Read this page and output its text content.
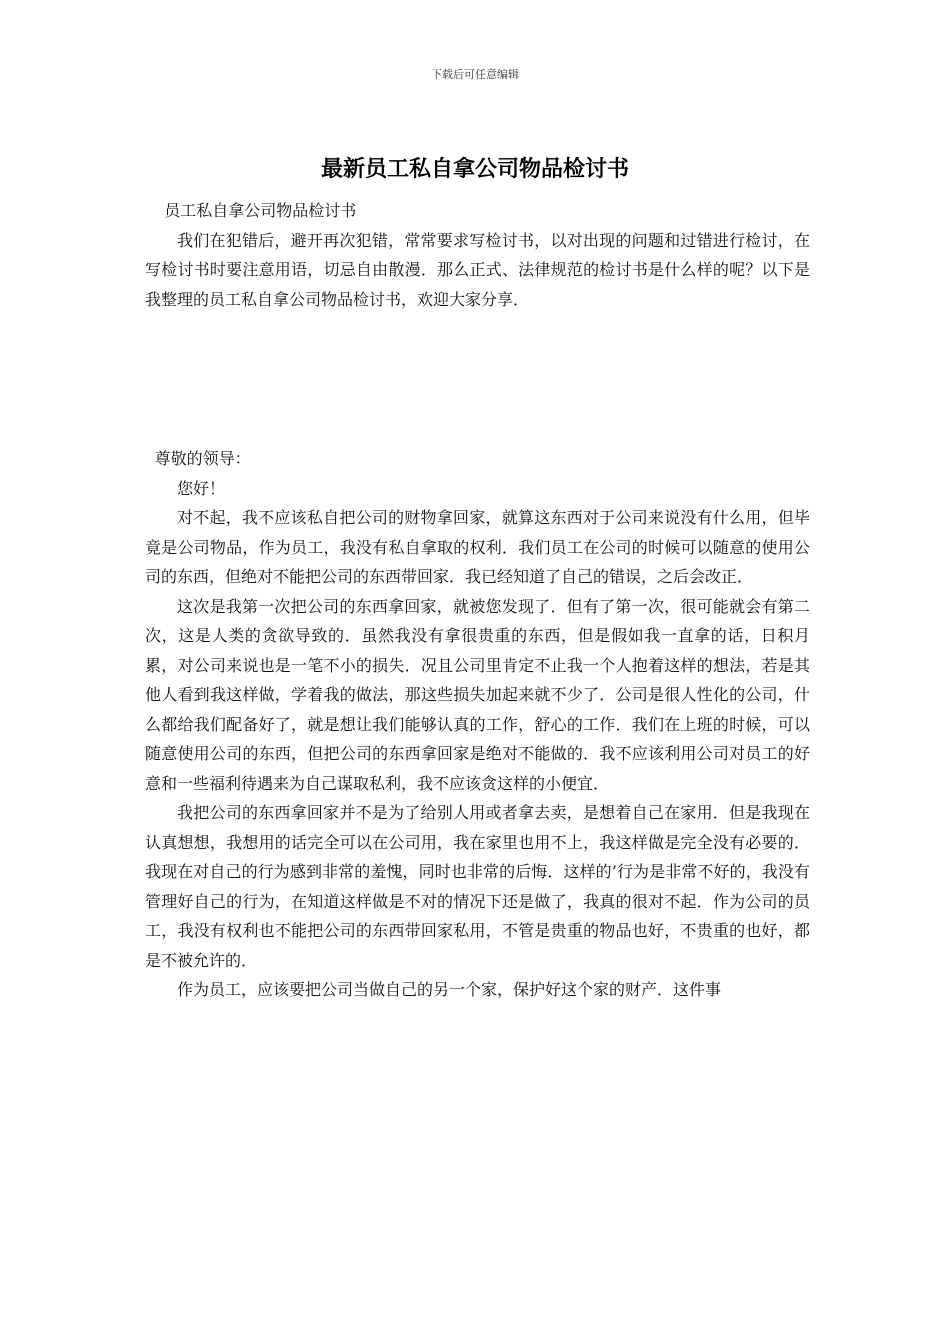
下载后可任意编辑
最新员工私自拿公司物品检讨书

员工私自拿公司物品检讨书

我们在犯错后，避开再次犯错，常常要求写检讨书，以对出现的问题和过错进行检讨，在写检讨书时要注意用语，切忌自由散漫．那么正式、法律规范的检讨书是什么样的呢？以下是我整理的员工私自拿公司物品检讨书，欢迎大家分享．

尊敬的领导：

您好！

对不起，我不应该私自把公司的财物拿回家，就算这东西对于公司来说没有什么用，但毕竟是公司物品，作为员工，我没有私自拿取的权利．我们员工在公司的时候可以随意的使用公司的东西，但绝对不能把公司的东西带回家．我已经知道了自己的错误，之后会改正．

这次是我第一次把公司的东西拿回家，就被您发现了．但有了第一次，很可能就会有第二次，这是人类的贪欲导致的．虽然我没有拿很贵重的东西，但是假如我一直拿的话，日积月累，对公司来说也是一笔不小的损失．况且公司里肯定不止我一个人抱着这样的想法，若是其他人看到我这样做，学着我的做法，那这些损失加起来就不少了．公司是很人性化的公司，什么都给我们配备好了，就是想让我们能够认真的工作，舒心的工作．我们在上班的时候，可以随意使用公司的东西，但把公司的东西拿回家是绝对不能做的．我不应该利用公司对员工的好意和一些福利待遇来为自己谋取私利，我不应该贪这样的小便宜．

我把公司的东西拿回家并不是为了给别人用或者拿去卖，是想着自己在家用．但是我现在认真想想，我想用的话完全可以在公司用，我在家里也用不上，我这样做是完全没有必要的．我现在对自己的行为感到非常的羞愧，同时也非常的后悔．这样的’行为是非常不好的，我没有管理好自己的行为，在知道这样做是不对的情况下还是做了，我真的很对不起．作为公司的员工，我没有权利也不能把公司的东西带回家私用，不管是贵重的物品也好，不贵重的也好，都是不被允许的．

作为员工，应该要把公司当做自己的另一个家，保护好这个家的财产．这件事
